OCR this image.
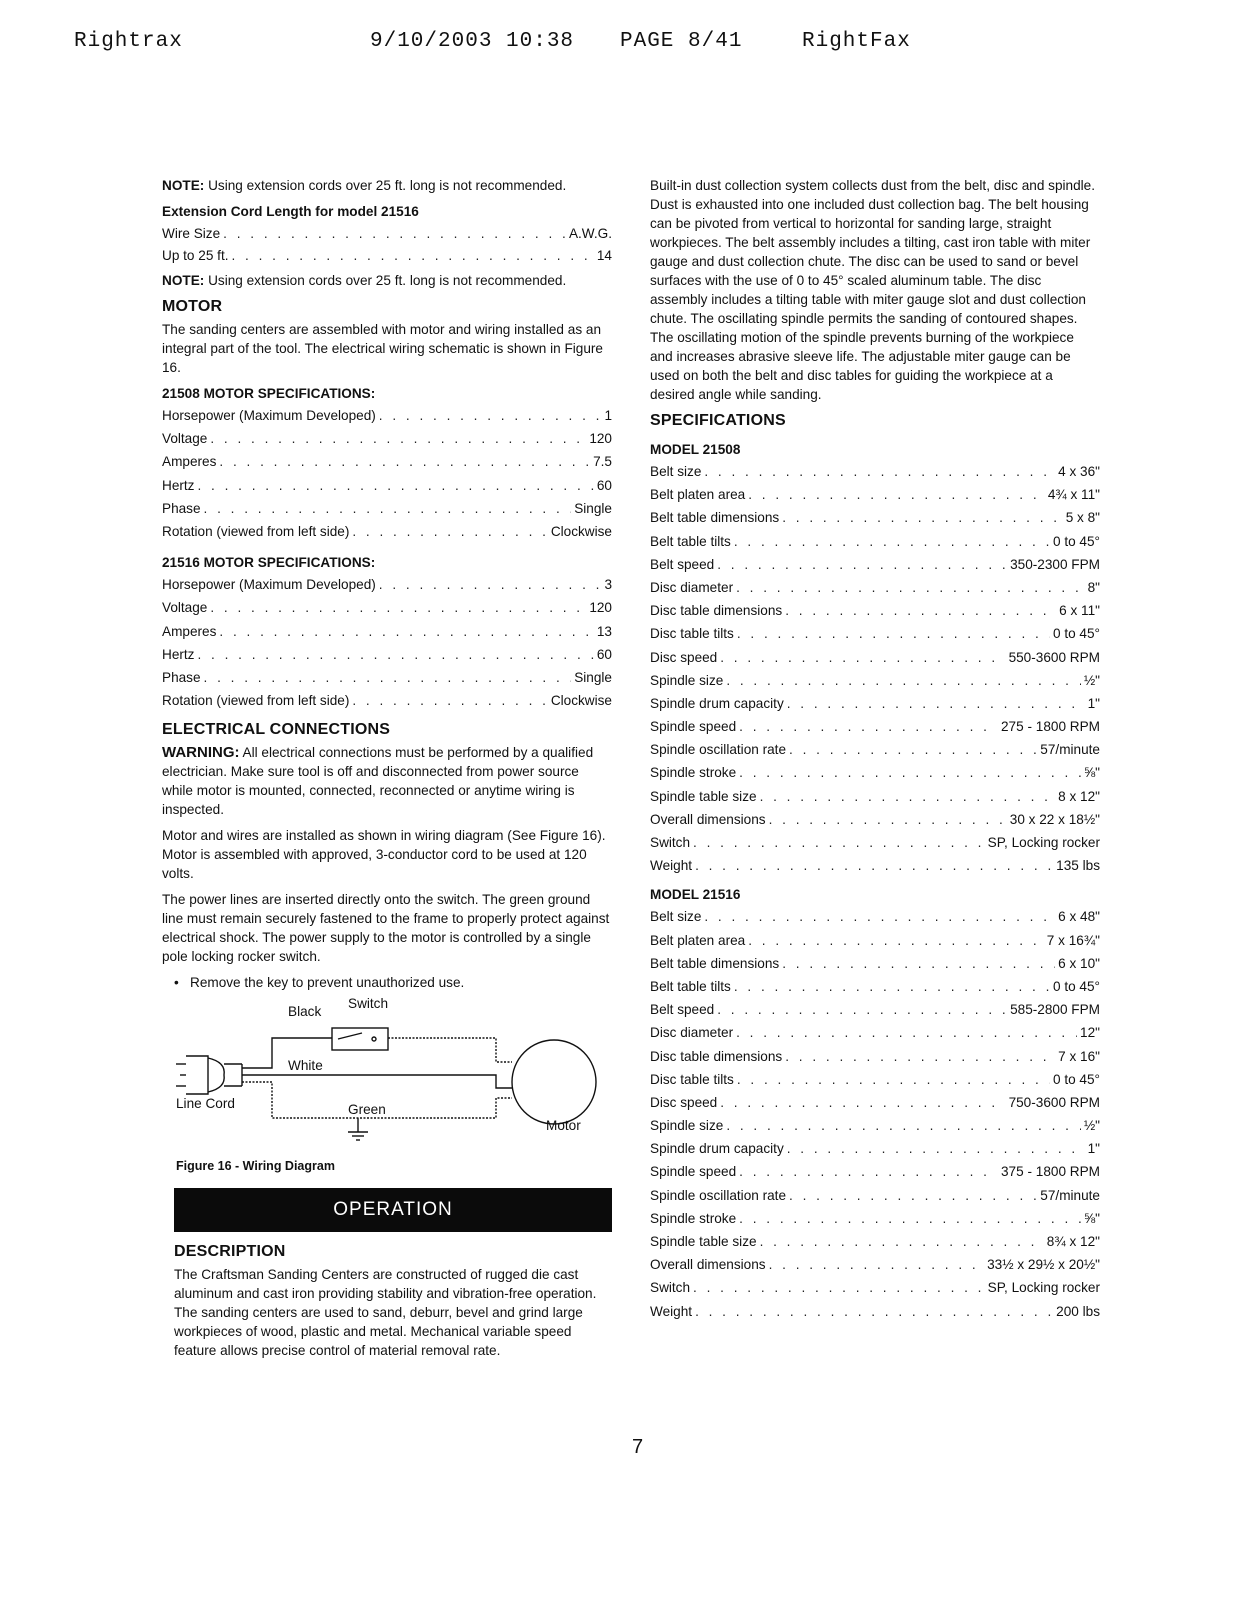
Rightrax	9/10/2003 10:38 PAGE 8/41	RightFax

NOTE: Using extension cords over 25 ft. long is not recommended.

Extension Cord Length for model 21516
Wire Size . . .	A.W.G.
Up to 25 ft. . . .	14

NOTE: Using extension cords over 25 ft. long is not recommended.

MOTOR

The sanding centers are assembled with motor and wiring installed as an integral part of the tool. The electrical wiring schematic is shown in Figure 16.

21508 MOTOR SPECIFICATIONS:
Horsepower (Maximum Developed) . . .	1
Voltage . . .	120
Amperes . . .	7.5
Hertz . . .	60
Phase . . .	Single
Rotation (viewed from left side) . . .	Clockwise
21516 MOTOR SPECIFICATIONS:
Horsepower (Maximum Developed) . . .	3
Voltage . . .	120
Amperes . . .	13
Hertz . . .	60
Phase . . .	Single
Rotation (viewed from left side) . . .	Clockwise
ELECTRICAL CONNECTIONS

WARNING: All electrical connections must be performed by a qualified electrician. Make sure tool is off and disconnected from power source while motor is mounted, connected, reconnected or anytime wiring is inspected.

Motor and wires are installed as shown in wiring diagram (See Figure 16). Motor is assembled with approved, 3-conductor cord to be used at 120 volts.

The power lines are inserted directly onto the switch. The green ground line must remain securely fastened to the frame to properly protect against electrical shock. The power supply to the motor is controlled by a single pole locking rocker switch.

• Remove the key to prevent unauthorized use.
Switch
Black
White
Green
Line Cord
Motor
Figure 16 - Wiring Diagram
OPERATION
DESCRIPTION

The Craftsman Sanding Centers are constructed of rugged die cast aluminum and cast iron providing stability and vibration-free operation. The sanding centers are used to sand, deburr, bevel and grind large workpieces of wood, plastic and metal. Mechanical variable speed feature allows precise control of material removal rate.

Built-in dust collection system collects dust from the belt, disc and spindle. Dust is exhausted into one included dust collection bag. The belt housing can be pivoted from vertical to horizontal for sanding large, straight workpieces. The belt assembly includes a tilting, cast iron table with miter gauge and dust collection chute. The disc can be used to sand or bevel surfaces with the use of 0 to 45° scaled aluminum table. The disc assembly includes a tilting table with miter gauge slot and dust collection chute. The oscillating spindle permits the sanding of contoured shapes. The oscillating motion of the spindle prevents burning of the workpiece and increases abrasive sleeve life. The adjustable miter gauge can be used on both the belt and disc tables for guiding the workpiece at a desired angle while sanding.

SPECIFICATIONS
MODEL 21508
Belt size . . .	4 x 36"
Belt platen area . . .	4¾ x 11"
Belt table dimensions . . .	5 x 8"
Belt table tilts . . .	0 to 45°
Belt speed . . .	350-2300 FPM
Disc diameter . . .	8"
Disc table dimensions . . .	6 x 11"
Disc table tilts . . .	0 to 45°
Disc speed . . .	550-3600 RPM
Spindle size . . .	½"
Spindle drum capacity . . .	1"
Spindle speed . . .	275 - 1800 RPM
Spindle oscillation rate . . .	57/minute
Spindle stroke . . .	⅝"
Spindle table size . . .	8 x 12"
Overall dimensions . . .	30 x 22 x 18½"
Switch . . .	SP, Locking rocker
Weight . . .	135 lbs
MODEL 21516
Belt size . . .	6 x 48"
Belt platen area . . .	7 x 16¾"
Belt table dimensions . . .	6 x 10"
Belt table tilts . . .	0 to 45°
Belt speed . . .	585-2800 FPM
Disc diameter . . .	12"
Disc table dimensions . . .	7 x 16"
Disc table tilts . . .	0 to 45°
Disc speed . . .	750-3600 RPM
Spindle size . . .	½"
Spindle drum capacity . . .	1"
Spindle speed . . .	375 - 1800 RPM
Spindle oscillation rate . . .	57/minute
Spindle stroke . . .	⅝"
Spindle table size . . .	8¾ x 12"
Overall dimensions . . .	33½ x 29½ x 20½"
Switch . . .	SP, Locking rocker
Weight . . .	200 lbs
7
